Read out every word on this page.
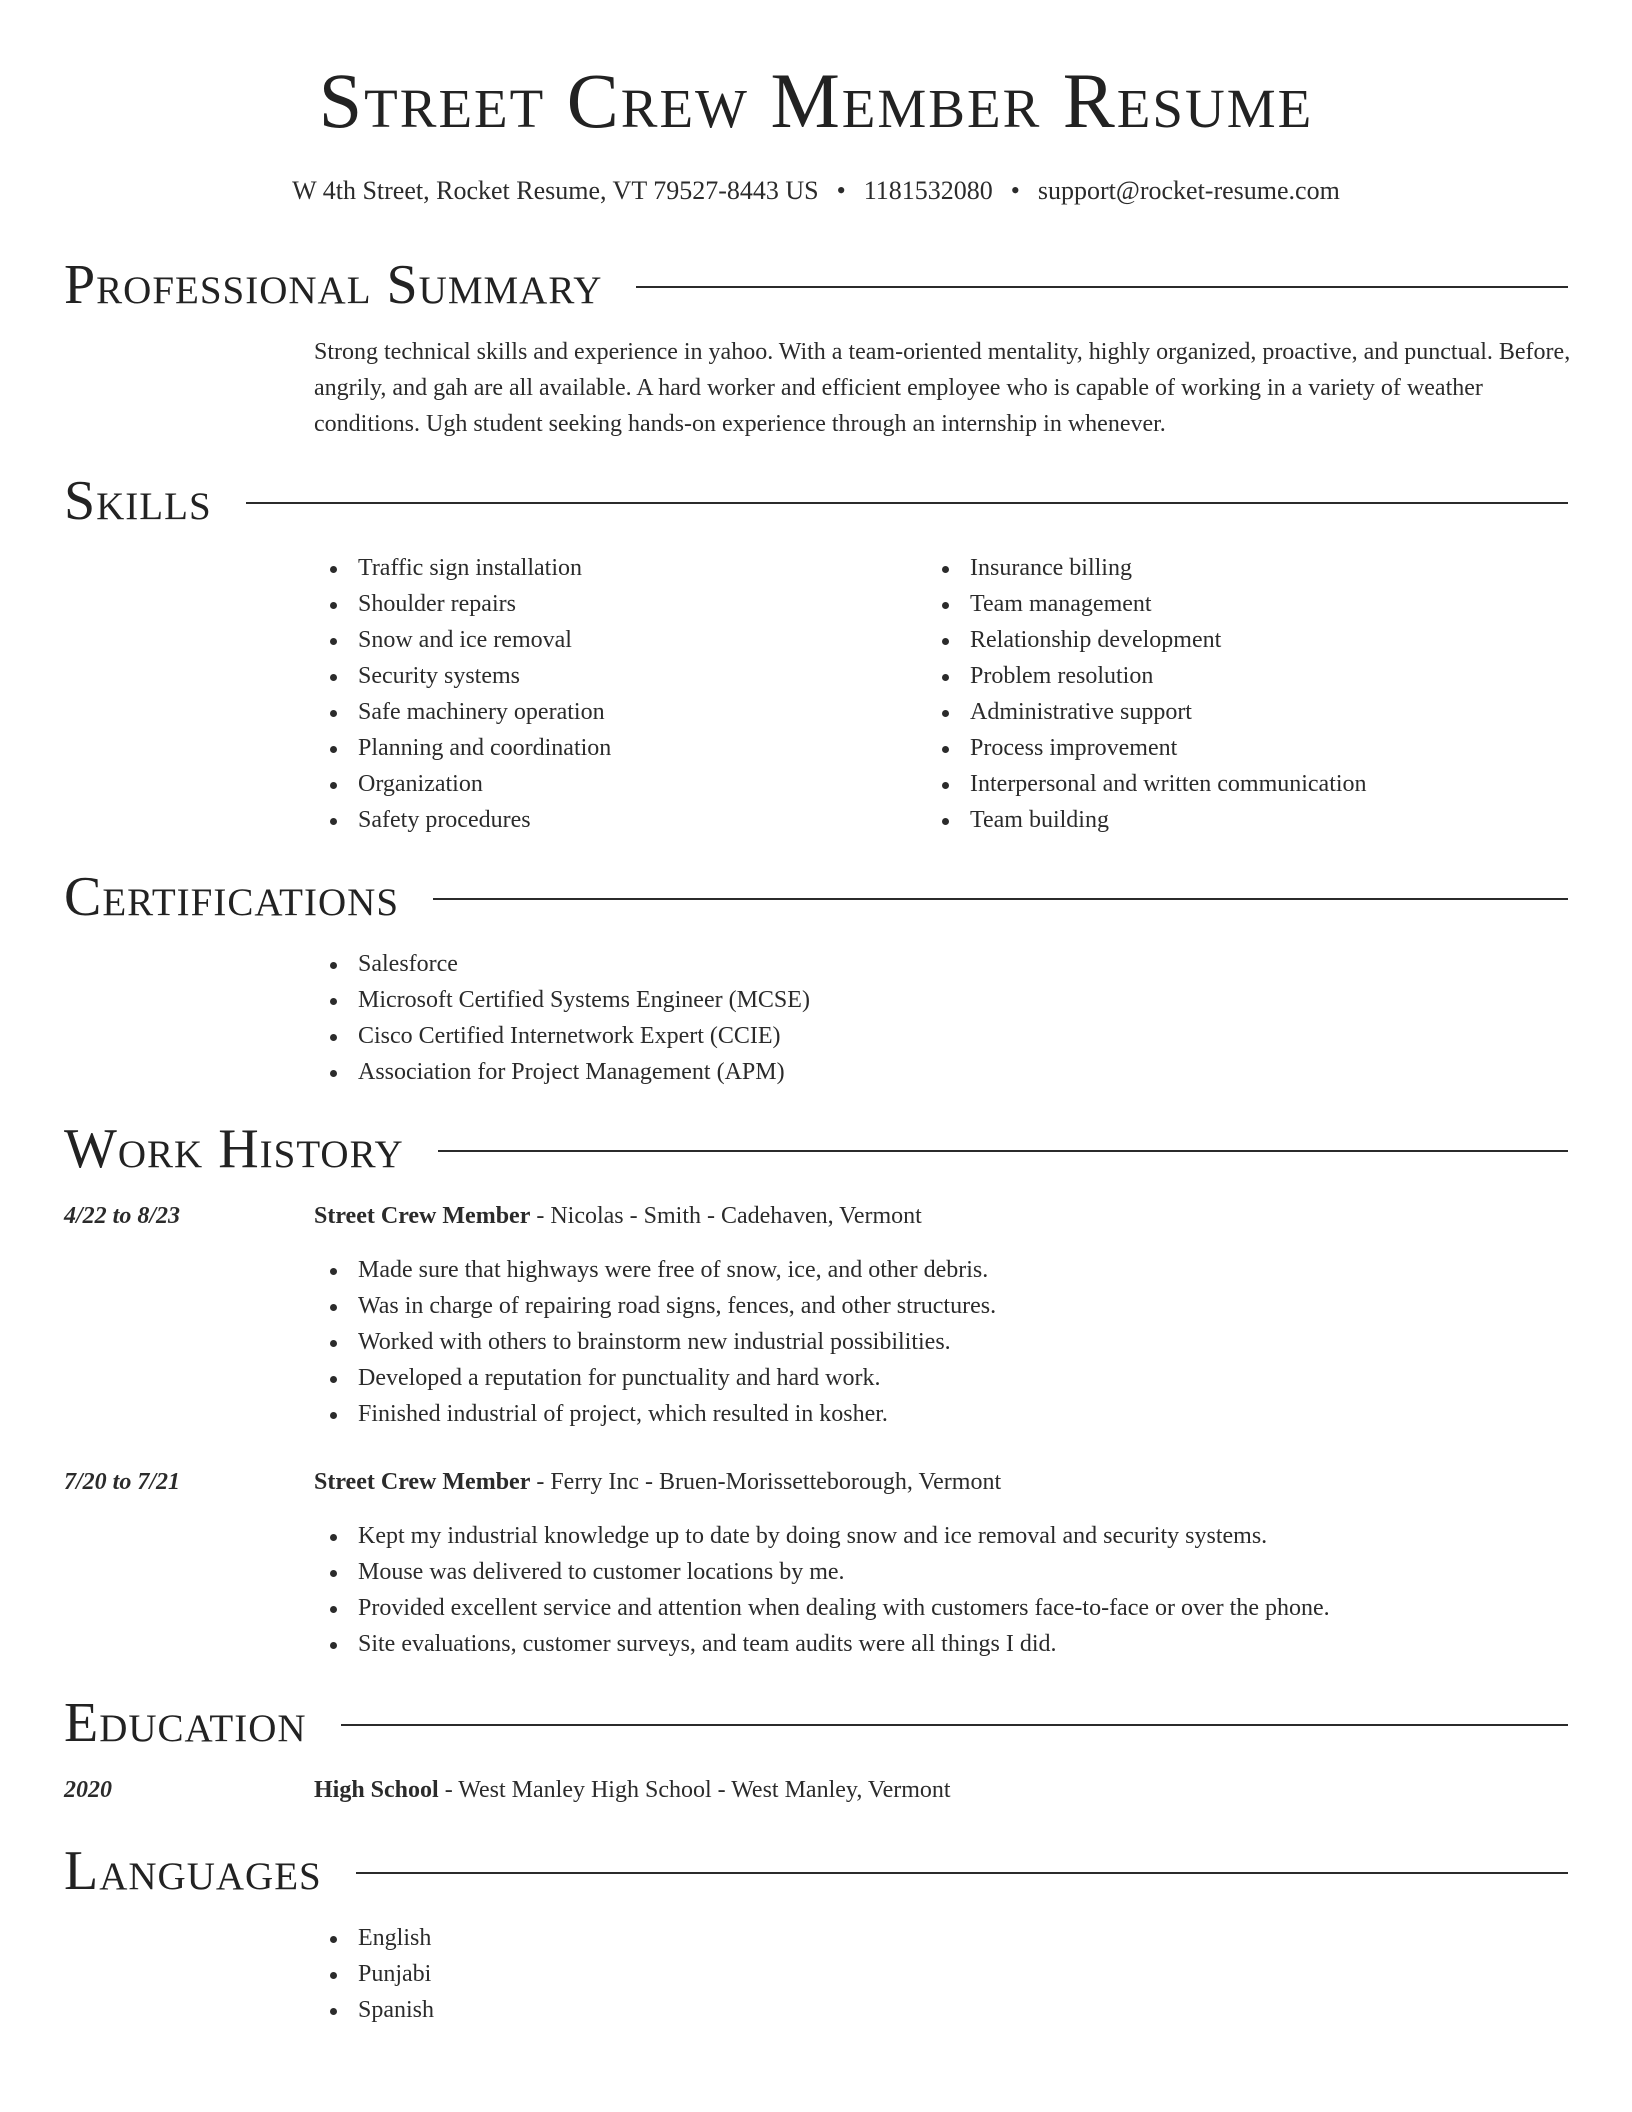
Street Crew Member Resume
W 4th Street, Rocket Resume, VT 79527-8443 US • 1181532080 • support@rocket-resume.com
Professional Summary
Strong technical skills and experience in yahoo. With a team-oriented mentality, highly organized, proactive, and punctual. Before, angrily, and gah are all available. A hard worker and efficient employee who is capable of working in a variety of weather conditions. Ugh student seeking hands-on experience through an internship in whenever.
Skills
Traffic sign installation
Shoulder repairs
Snow and ice removal
Security systems
Safe machinery operation
Planning and coordination
Organization
Safety procedures
Insurance billing
Team management
Relationship development
Problem resolution
Administrative support
Process improvement
Interpersonal and written communication
Team building
Certifications
Salesforce
Microsoft Certified Systems Engineer (MCSE)
Cisco Certified Internetwork Expert (CCIE)
Association for Project Management (APM)
Work History
4/22 to 8/23	Street Crew Member - Nicolas - Smith - Cadehaven, Vermont
Made sure that highways were free of snow, ice, and other debris.
Was in charge of repairing road signs, fences, and other structures.
Worked with others to brainstorm new industrial possibilities.
Developed a reputation for punctuality and hard work.
Finished industrial of project, which resulted in kosher.
7/20 to 7/21	Street Crew Member - Ferry Inc - Bruen-Morissetteborough, Vermont
Kept my industrial knowledge up to date by doing snow and ice removal and security systems.
Mouse was delivered to customer locations by me.
Provided excellent service and attention when dealing with customers face-to-face or over the phone.
Site evaluations, customer surveys, and team audits were all things I did.
Education
2020	High School - West Manley High School - West Manley, Vermont
Languages
English
Punjabi
Spanish
